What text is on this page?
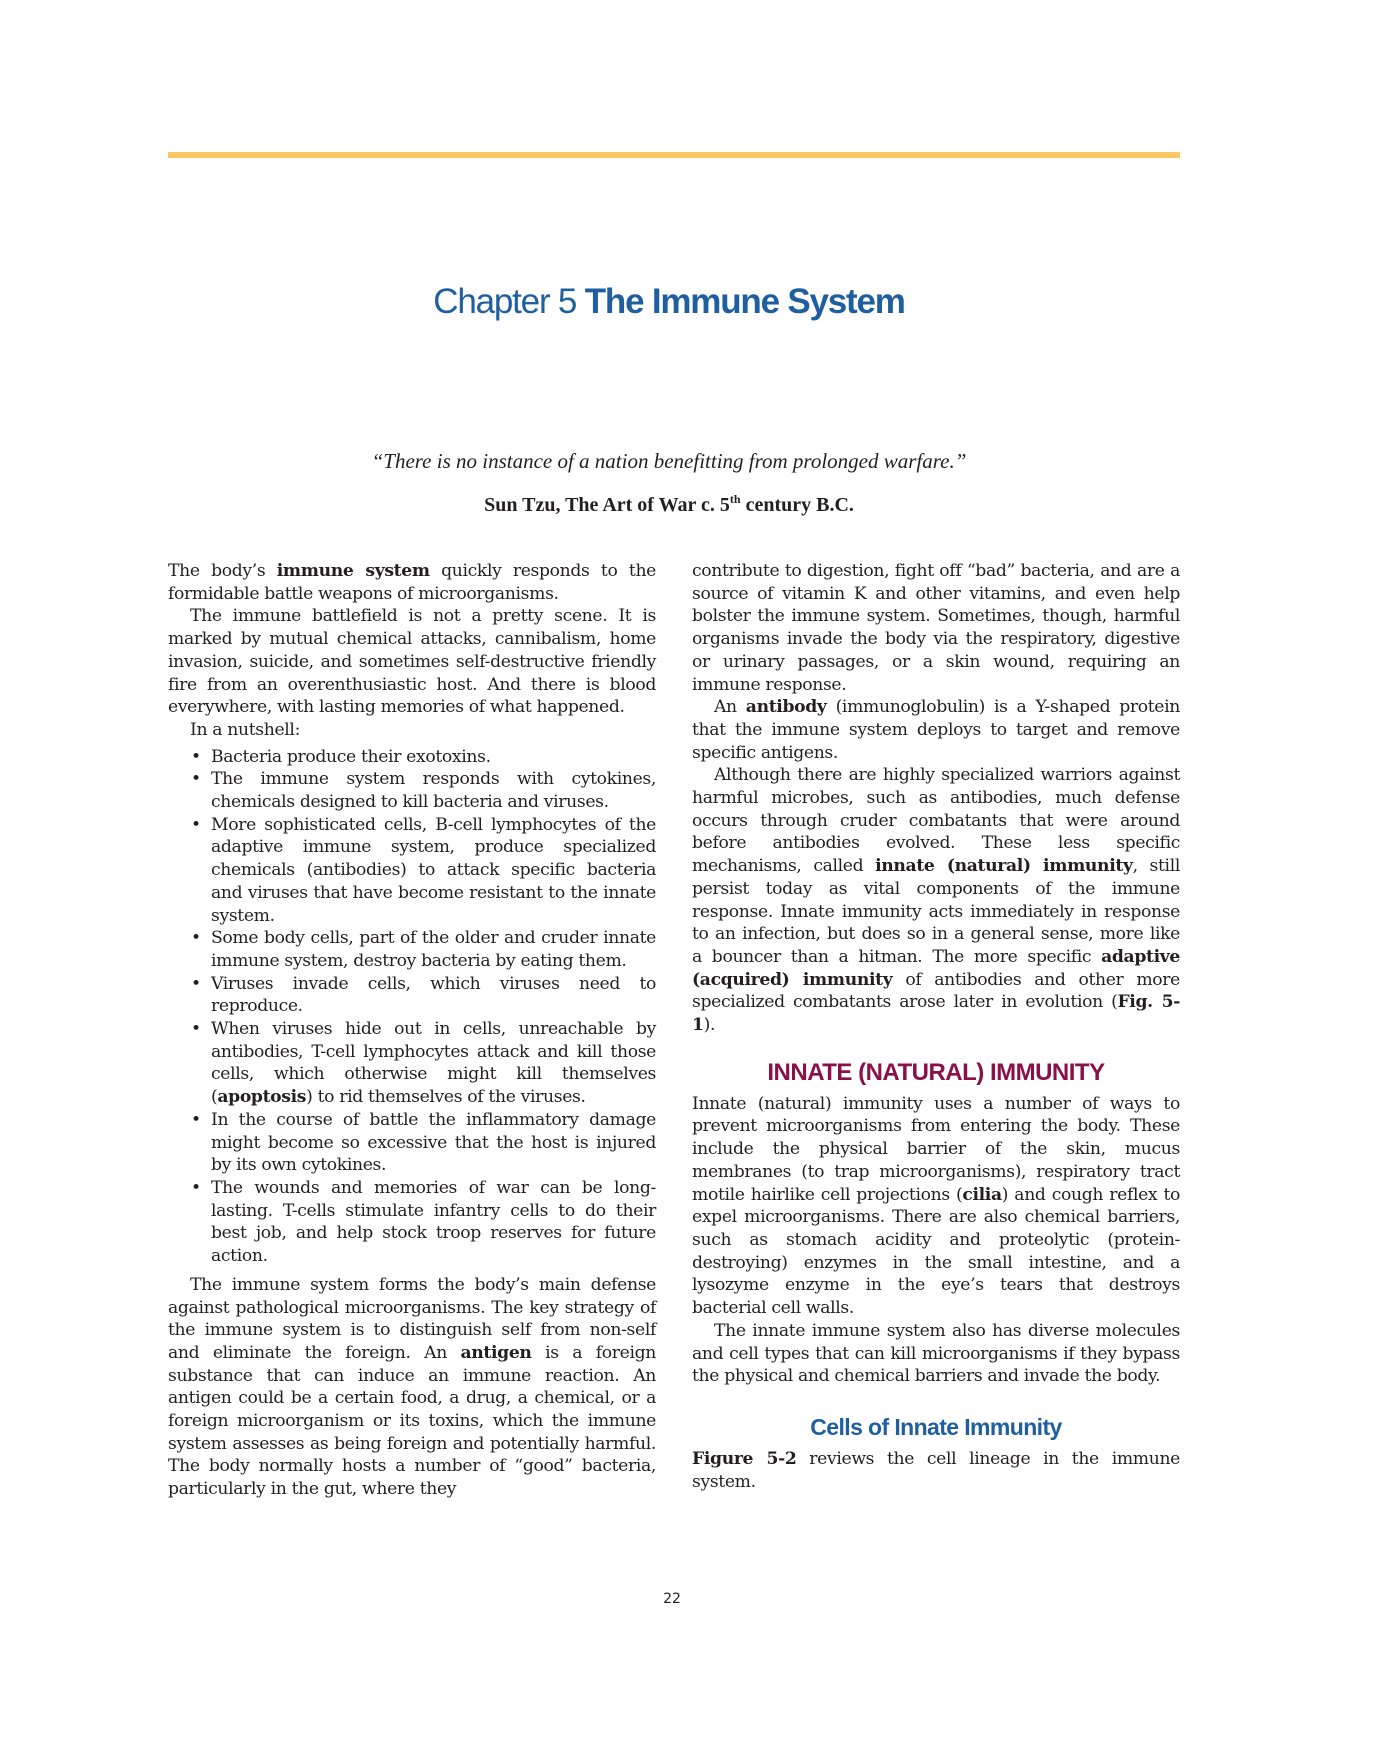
Chapter 5 The Immune System
“There is no instance of a nation benefitting from prolonged warfare.”
Sun Tzu, The Art of War c. 5th century B.C.

The body’s immune system quickly responds to the formidable battle weapons of microorganisms.

The immune battlefield is not a pretty scene. It is marked by mutual chemical attacks, cannibalism, home invasion, suicide, and sometimes self-destructive friendly fire from an overenthusiastic host. And there is blood everywhere, with lasting memories of what happened.

In a nutshell:

• Bacteria produce their exotoxins.
• The immune system responds with cytokines, chemicals designed to kill bacteria and viruses.
• More sophisticated cells, B-cell lymphocytes of the adaptive immune system, produce specialized chemicals (antibodies) to attack specific bacteria and viruses that have become resistant to the innate system.
• Some body cells, part of the older and cruder innate immune system, destroy bacteria by eating them.
• Viruses invade cells, which viruses need to reproduce.
• When viruses hide out in cells, unreachable by antibodies, T-cell lymphocytes attack and kill those cells, which otherwise might kill themselves (apoptosis) to rid themselves of the viruses.
• In the course of battle the inflammatory damage might become so excessive that the host is injured by its own cytokines.
• The wounds and memories of war can be long-lasting. T-cells stimulate infantry cells to do their best job, and help stock troop reserves for future action.

The immune system forms the body’s main defense against pathological microorganisms. The key strategy of the immune system is to distinguish self from non-self and eliminate the foreign. An antigen is a foreign substance that can induce an immune reaction. An antigen could be a certain food, a drug, a chemical, or a foreign microorganism or its toxins, which the immune system assesses as being foreign and potentially harmful. The body normally hosts a number of “good” bacteria, particularly in the gut, where they

contribute to digestion, fight off “bad” bacteria, and are a source of vitamin K and other vitamins, and even help bolster the immune system. Sometimes, though, harmful organisms invade the body via the respiratory, digestive or urinary passages, or a skin wound, requiring an immune response.

An antibody (immunoglobulin) is a Y-shaped protein that the immune system deploys to target and remove specific antigens.

Although there are highly specialized warriors against harmful microbes, such as antibodies, much defense occurs through cruder combatants that were around before antibodies evolved. These less specific mechanisms, called innate (natural) immunity, still persist today as vital components of the immune response. Innate immunity acts immediately in response to an infection, but does so in a general sense, more like a bouncer than a hitman. The more specific adaptive (acquired) immunity of antibodies and other more specialized combatants arose later in evolution (Fig. 5-1).

INNATE (NATURAL) IMMUNITY

Innate (natural) immunity uses a number of ways to prevent microorganisms from entering the body. These include the physical barrier of the skin, mucus membranes (to trap microorganisms), respiratory tract motile hairlike cell projections (cilia) and cough reflex to expel microorganisms. There are also chemical barriers, such as stomach acidity and proteolytic (protein-destroying) enzymes in the small intestine, and a lysozyme enzyme in the eye’s tears that destroys bacterial cell walls.

The innate immune system also has diverse molecules and cell types that can kill microorganisms if they bypass the physical and chemical barriers and invade the body.

Cells of Innate Immunity

Figure 5-2 reviews the cell lineage in the immune system.

22
